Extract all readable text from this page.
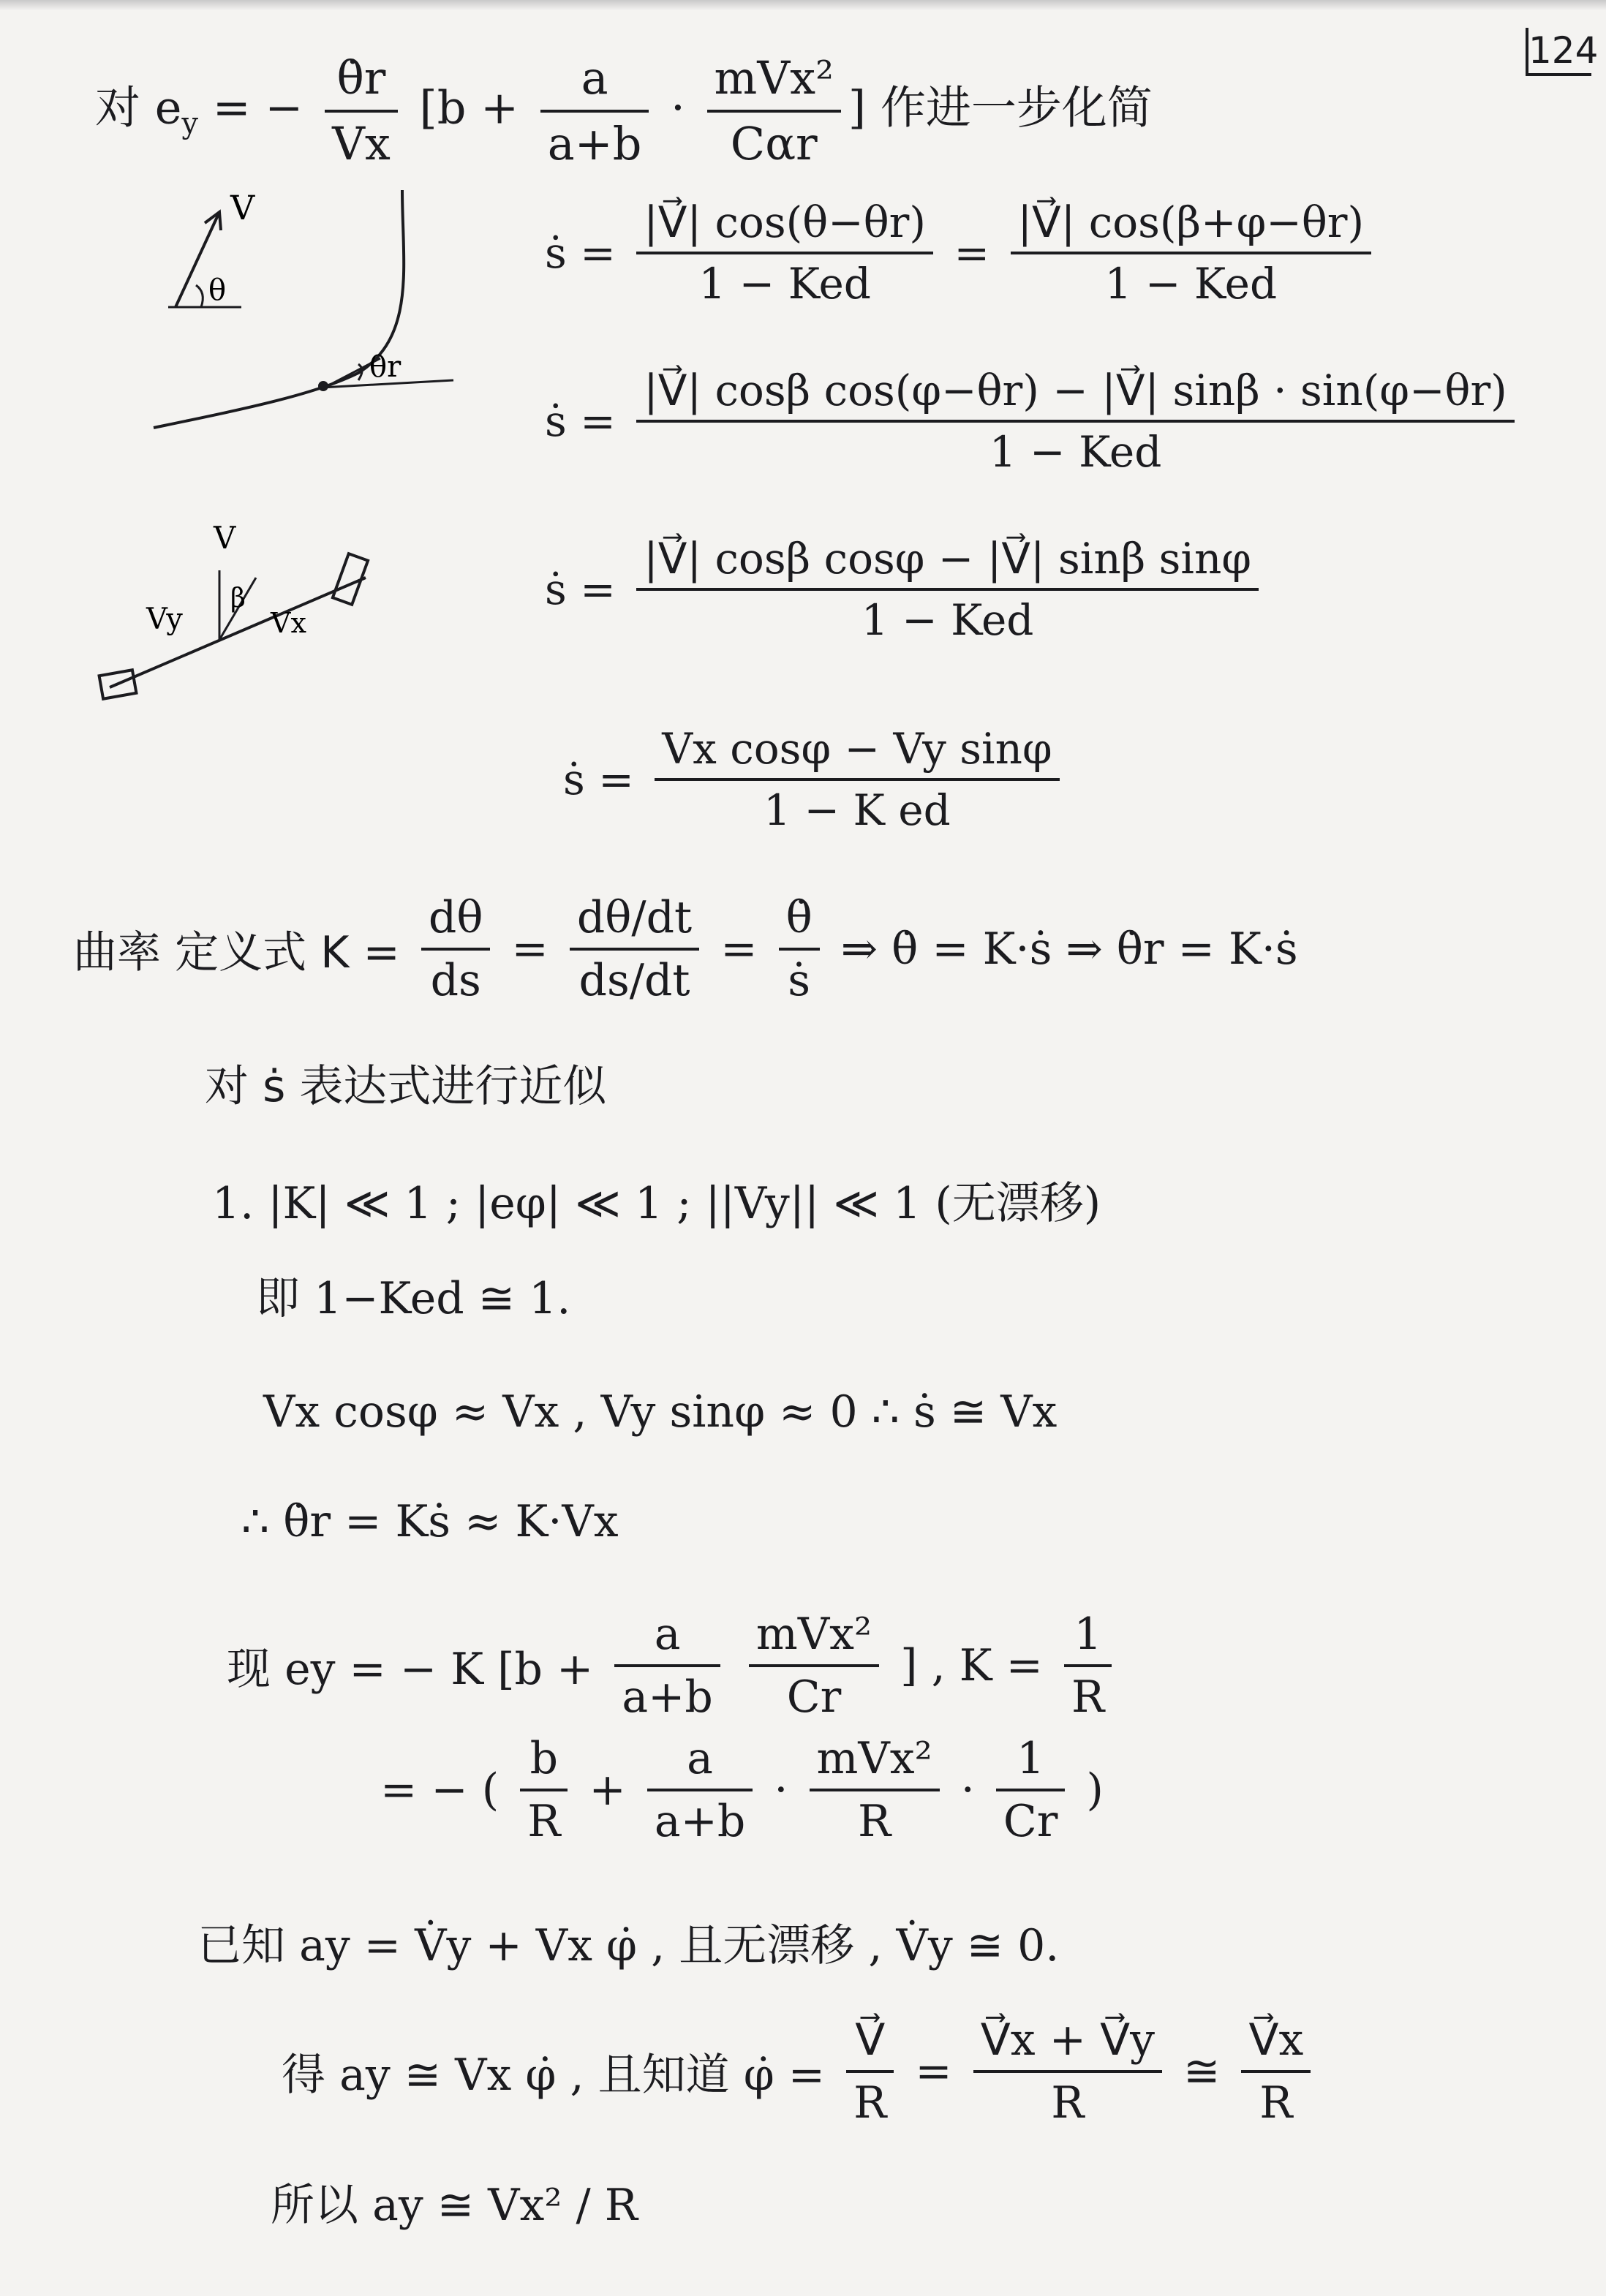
124
对 $e_y$ = − $\frac{\thetȧr}{Vx} [b + \frac{a}{a+b} \cdot \frac{\text{mVx²}}{\text{Cαr}}$ ] 作进一步化简
V
θ
θr
V
Vy
β
Vx
ṡ = $\frac{|V⃗| \cos(\theta-\theta r)}{\text{1 − Ked}} = \frac{|V⃗| \cos(\beta+\varphi-\theta r)}{\text{1 − Ked}}$
ṡ = $\frac{\text{|V⃗| cosβ cos(φ−θr) − |V⃗| sinβ · sin(φ−θr)}}{\text{1 − Ked}}$
ṡ = $\frac{\text{|V⃗| cosβ cosφ − |V⃗| sinβ sinφ}}{\text{1 − Ked}}$
ṡ = $\frac{\text{Vx cosφ − Vy sinφ}}{\text{1 − K ed}}$
曲率 定义式 $K = \frac{d\theta}{ds} = \frac{d\theta/dt}{ds/dt} = \frac{\thetȧ}{\text{ṡ}}$ ⇒ θ̇ = K·ṡ ⇒ θ̇r = K·ṡ
对 ṡ 表达式进行近似
1. |K| ≪ 1 ; |eφ| ≪ 1 ; ||Vy|| ≪ 1 (无漂移)
即 1−Ked ≅ 1.
Vx cosφ ≈ Vx , Vy sinφ ≈ 0 ∴ ṡ ≅ Vx
∴ θ̇r = Kṡ ≈ K·Vx
现 ey = − K [$b + \frac{a}{a+b}$
$\frac{\text{mVx²}}{Cr}$ ] , $K = \frac{1}{R}$
= − ( $\frac{b}{R} + \frac{a}{a+b} \cdot \frac{\text{mVx²}}{R} \cdot \frac{1}{Cr}$ )
已知 ay = V̇y + Vx φ̇ , 且无漂移 , V̇y ≅ 0.
得 ay ≅ Vx φ̇ , 且知道 φ̇ = $\frac{V⃗}{R} = \frac{V⃗x + V⃗y}{R}$ ≅ $\frac{V⃗x}{R}$
所以 ay ≅ Vx² / R
